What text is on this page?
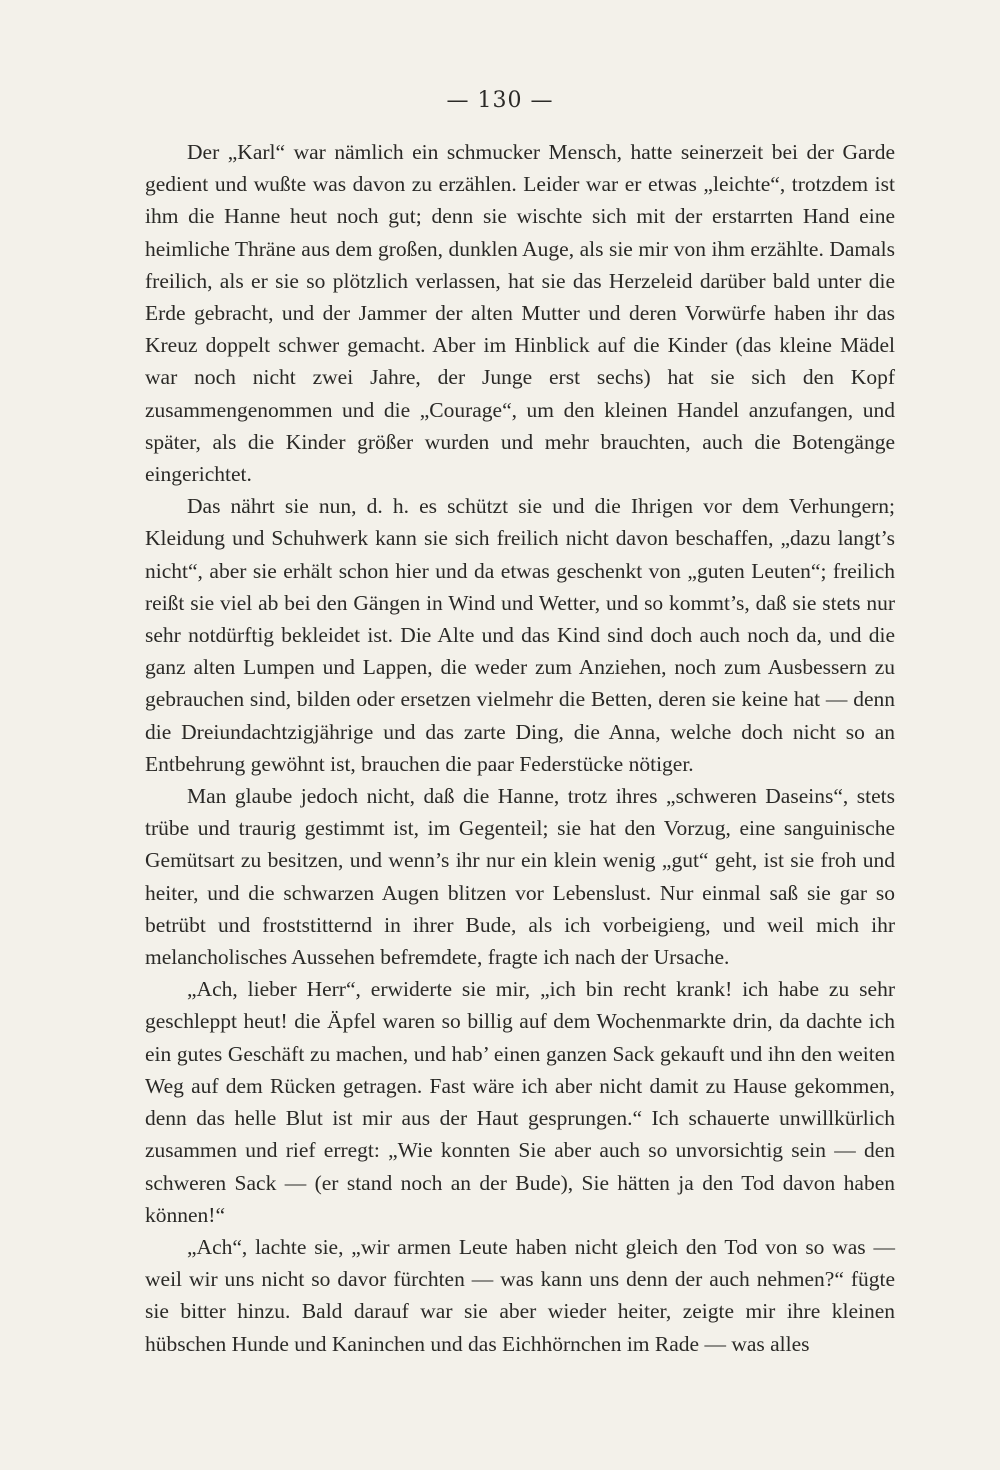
— 130 —

Der „Karl“ war nämlich ein schmucker Mensch, hatte seinerzeit bei der Garde gedient und wußte was davon zu erzählen. Leider war er etwas „leichte“, trotzdem ist ihm die Hanne heut noch gut; denn sie wischte sich mit der erstarrten Hand eine heimliche Thräne aus dem großen, dunklen Auge, als sie mir von ihm erzählte. Damals freilich, als er sie so plötzlich verlassen, hat sie das Herzeleid darüber bald unter die Erde gebracht, und der Jammer der alten Mutter und deren Vorwürfe haben ihr das Kreuz doppelt schwer gemacht. Aber im Hinblick auf die Kinder (das kleine Mädel war noch nicht zwei Jahre, der Junge erst sechs) hat sie sich den Kopf zusammengenommen und die „Courage“, um den kleinen Handel anzufangen, und später, als die Kinder größer wurden und mehr brauchten, auch die Botengänge eingerichtet.

Das nährt sie nun, d. h. es schützt sie und die Ihrigen vor dem Verhungern; Kleidung und Schuhwerk kann sie sich freilich nicht davon beschaffen, „dazu langt’s nicht“, aber sie erhält schon hier und da etwas geschenkt von „guten Leuten“; freilich reißt sie viel ab bei den Gängen in Wind und Wetter, und so kommt’s, daß sie stets nur sehr notdürftig bekleidet ist. Die Alte und das Kind sind doch auch noch da, und die ganz alten Lumpen und Lappen, die weder zum Anziehen, noch zum Ausbessern zu gebrauchen sind, bilden oder ersetzen vielmehr die Betten, deren sie keine hat — denn die Dreiundachtzigjährige und das zarte Ding, die Anna, welche doch nicht so an Entbehrung gewöhnt ist, brauchen die paar Federstücke nötiger.

Man glaube jedoch nicht, daß die Hanne, trotz ihres „schweren Daseins“, stets trübe und traurig gestimmt ist, im Gegenteil; sie hat den Vorzug, eine sanguinische Gemütsart zu besitzen, und wenn’s ihr nur ein klein wenig „gut“ geht, ist sie froh und heiter, und die schwarzen Augen blitzen vor Lebenslust. Nur einmal saß sie gar so betrübt und froststitternd in ihrer Bude, als ich vorbeigieng, und weil mich ihr melancholisches Aussehen befremdete, fragte ich nach der Ursache.

„Ach, lieber Herr“, erwiderte sie mir, „ich bin recht krank! ich habe zu sehr geschleppt heut! die Äpfel waren so billig auf dem Wochenmarkte drin, da dachte ich ein gutes Geschäft zu machen, und hab’ einen ganzen Sack gekauft und ihn den weiten Weg auf dem Rücken getragen. Fast wäre ich aber nicht damit zu Hause gekommen, denn das helle Blut ist mir aus der Haut gesprungen.“ Ich schauerte unwillkürlich zusammen und rief erregt: „Wie konnten Sie aber auch so unvorsichtig sein — den schweren Sack — (er stand noch an der Bude), Sie hätten ja den Tod davon haben können!“

„Ach“, lachte sie, „wir armen Leute haben nicht gleich den Tod von so was — weil wir uns nicht so davor fürchten — was kann uns denn der auch nehmen?“ fügte sie bitter hinzu. Bald darauf war sie aber wieder heiter, zeigte mir ihre kleinen hübschen Hunde und Kaninchen und das Eichhörnchen im Rade — was alles
